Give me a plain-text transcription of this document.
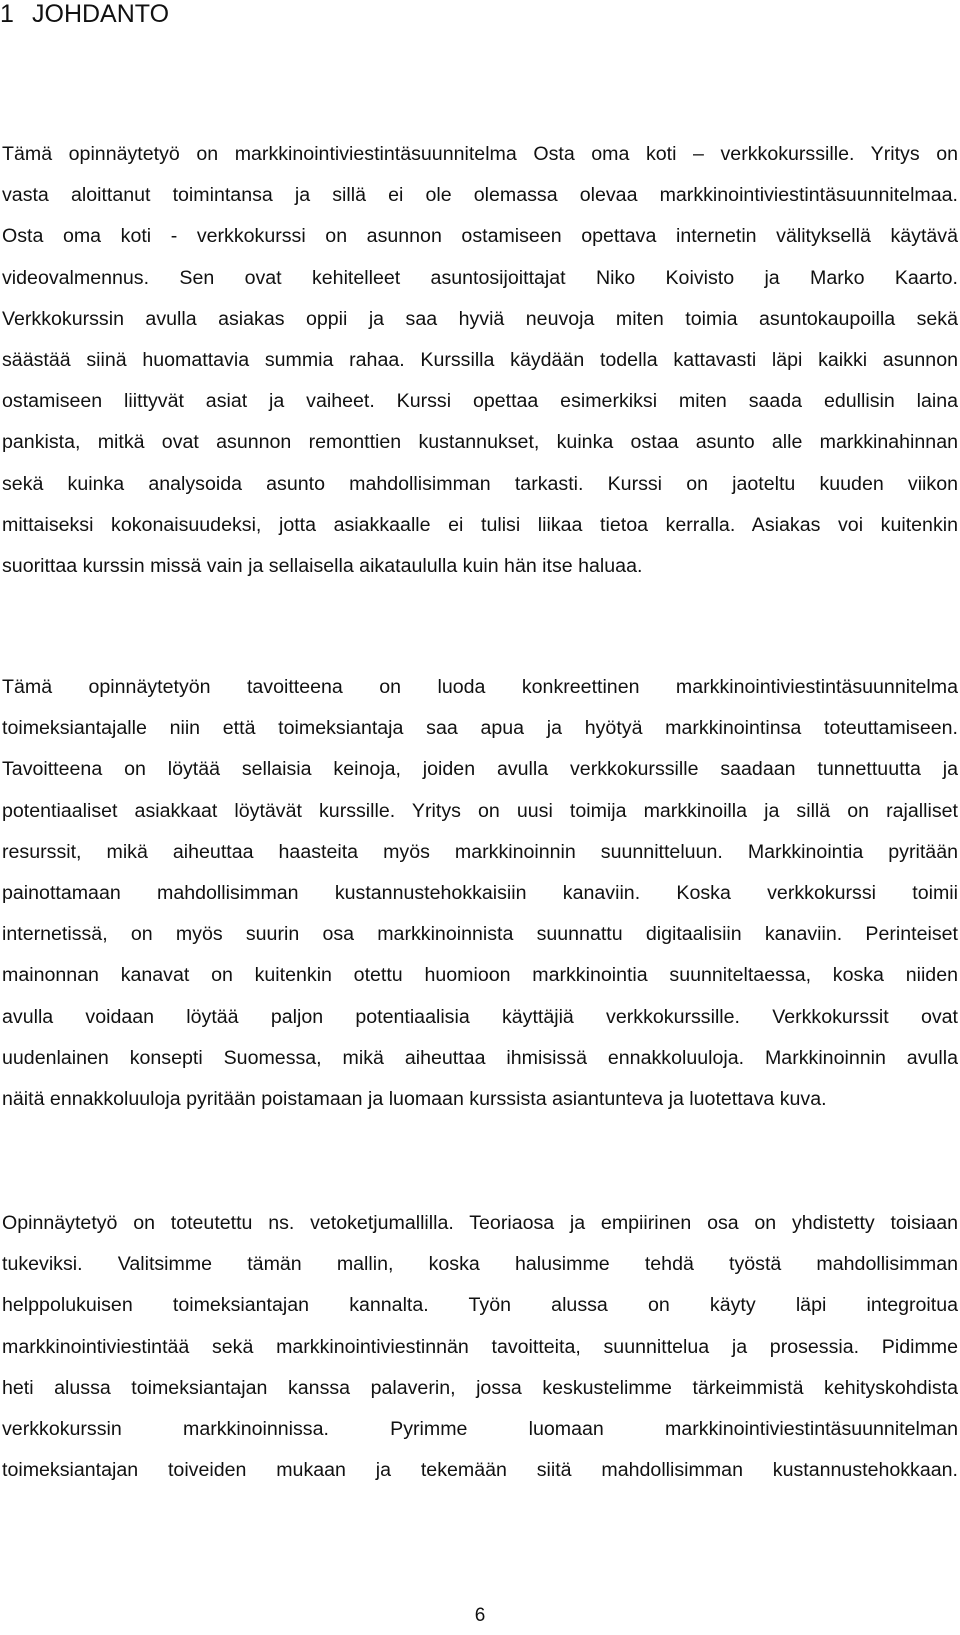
1 JOHDANTO
Tämä opinnäytetyö on markkinointiviestintäsuunnitelma Osta oma koti – verkkokurssille. Yritys on
vasta aloittanut toimintansa ja sillä ei ole olemassa olevaa markkinointiviestintäsuunnitelmaa.
Osta oma koti - verkkokurssi on asunnon ostamiseen opettava internetin välityksellä käytävä
videovalmennus. Sen ovat kehitelleet asuntosijoittajat Niko Koivisto ja Marko Kaarto.
Verkkokurssin avulla asiakas oppii ja saa hyviä neuvoja miten toimia asuntokaupoilla sekä
säästää siinä huomattavia summia rahaa. Kurssilla käydään todella kattavasti läpi kaikki asunnon
ostamiseen liittyvät asiat ja vaiheet. Kurssi opettaa esimerkiksi miten saada edullisin laina
pankista, mitkä ovat asunnon remonttien kustannukset, kuinka ostaa asunto alle markkinahinnan
sekä kuinka analysoida asunto mahdollisimman tarkasti. Kurssi on jaoteltu kuuden viikon
mittaiseksi kokonaisuudeksi, jotta asiakkaalle ei tulisi liikaa tietoa kerralla. Asiakas voi kuitenkin
suorittaa kurssin missä vain ja sellaisella aikataululla kuin hän itse haluaa.
Tämä opinnäytetyön tavoitteena on luoda konkreettinen markkinointiviestintäsuunnitelma
toimeksiantajalle niin että toimeksiantaja saa apua ja hyötyä markkinointinsa toteuttamiseen.
Tavoitteena on löytää sellaisia keinoja, joiden avulla verkkokurssille saadaan tunnettuutta ja
potentiaaliset asiakkaat löytävät kurssille. Yritys on uusi toimija markkinoilla ja sillä on rajalliset
resurssit, mikä aiheuttaa haasteita myös markkinoinnin suunnitteluun. Markkinointia pyritään
painottamaan mahdollisimman kustannustehokkaisiin kanaviin. Koska verkkokurssi toimii
internetissä, on myös suurin osa markkinoinnista suunnattu digitaalisiin kanaviin. Perinteiset
mainonnan kanavat on kuitenkin otettu huomioon markkinointia suunniteltaessa, koska niiden
avulla voidaan löytää paljon potentiaalisia käyttäjiä verkkokurssille. Verkkokurssit ovat
uudenlainen konsepti Suomessa, mikä aiheuttaa ihmisissä ennakkoluuloja. Markkinoinnin avulla
näitä ennakkoluuloja pyritään poistamaan ja luomaan kurssista asiantunteva ja luotettava kuva.
Opinnäytetyö on toteutettu ns. vetoketjumallilla. Teoriaosa ja empiirinen osa on yhdistetty toisiaan
tukeviksi. Valitsimme tämän mallin, koska halusimme tehdä työstä mahdollisimman
helppolukuisen toimeksiantajan kannalta. Työn alussa on käyty läpi integroitua
markkinointiviestintää sekä markkinointiviestinnän tavoitteita, suunnittelua ja prosessia. Pidimme
heti alussa toimeksiantajan kanssa palaverin, jossa keskustelimme tärkeimmistä kehityskohdista
verkkokurssin markkinoinnissa. Pyrimme luomaan markkinointiviestintäsuunnitelman
toimeksiantajan toiveiden mukaan ja tekemään siitä mahdollisimman kustannustehokkaan.
6
